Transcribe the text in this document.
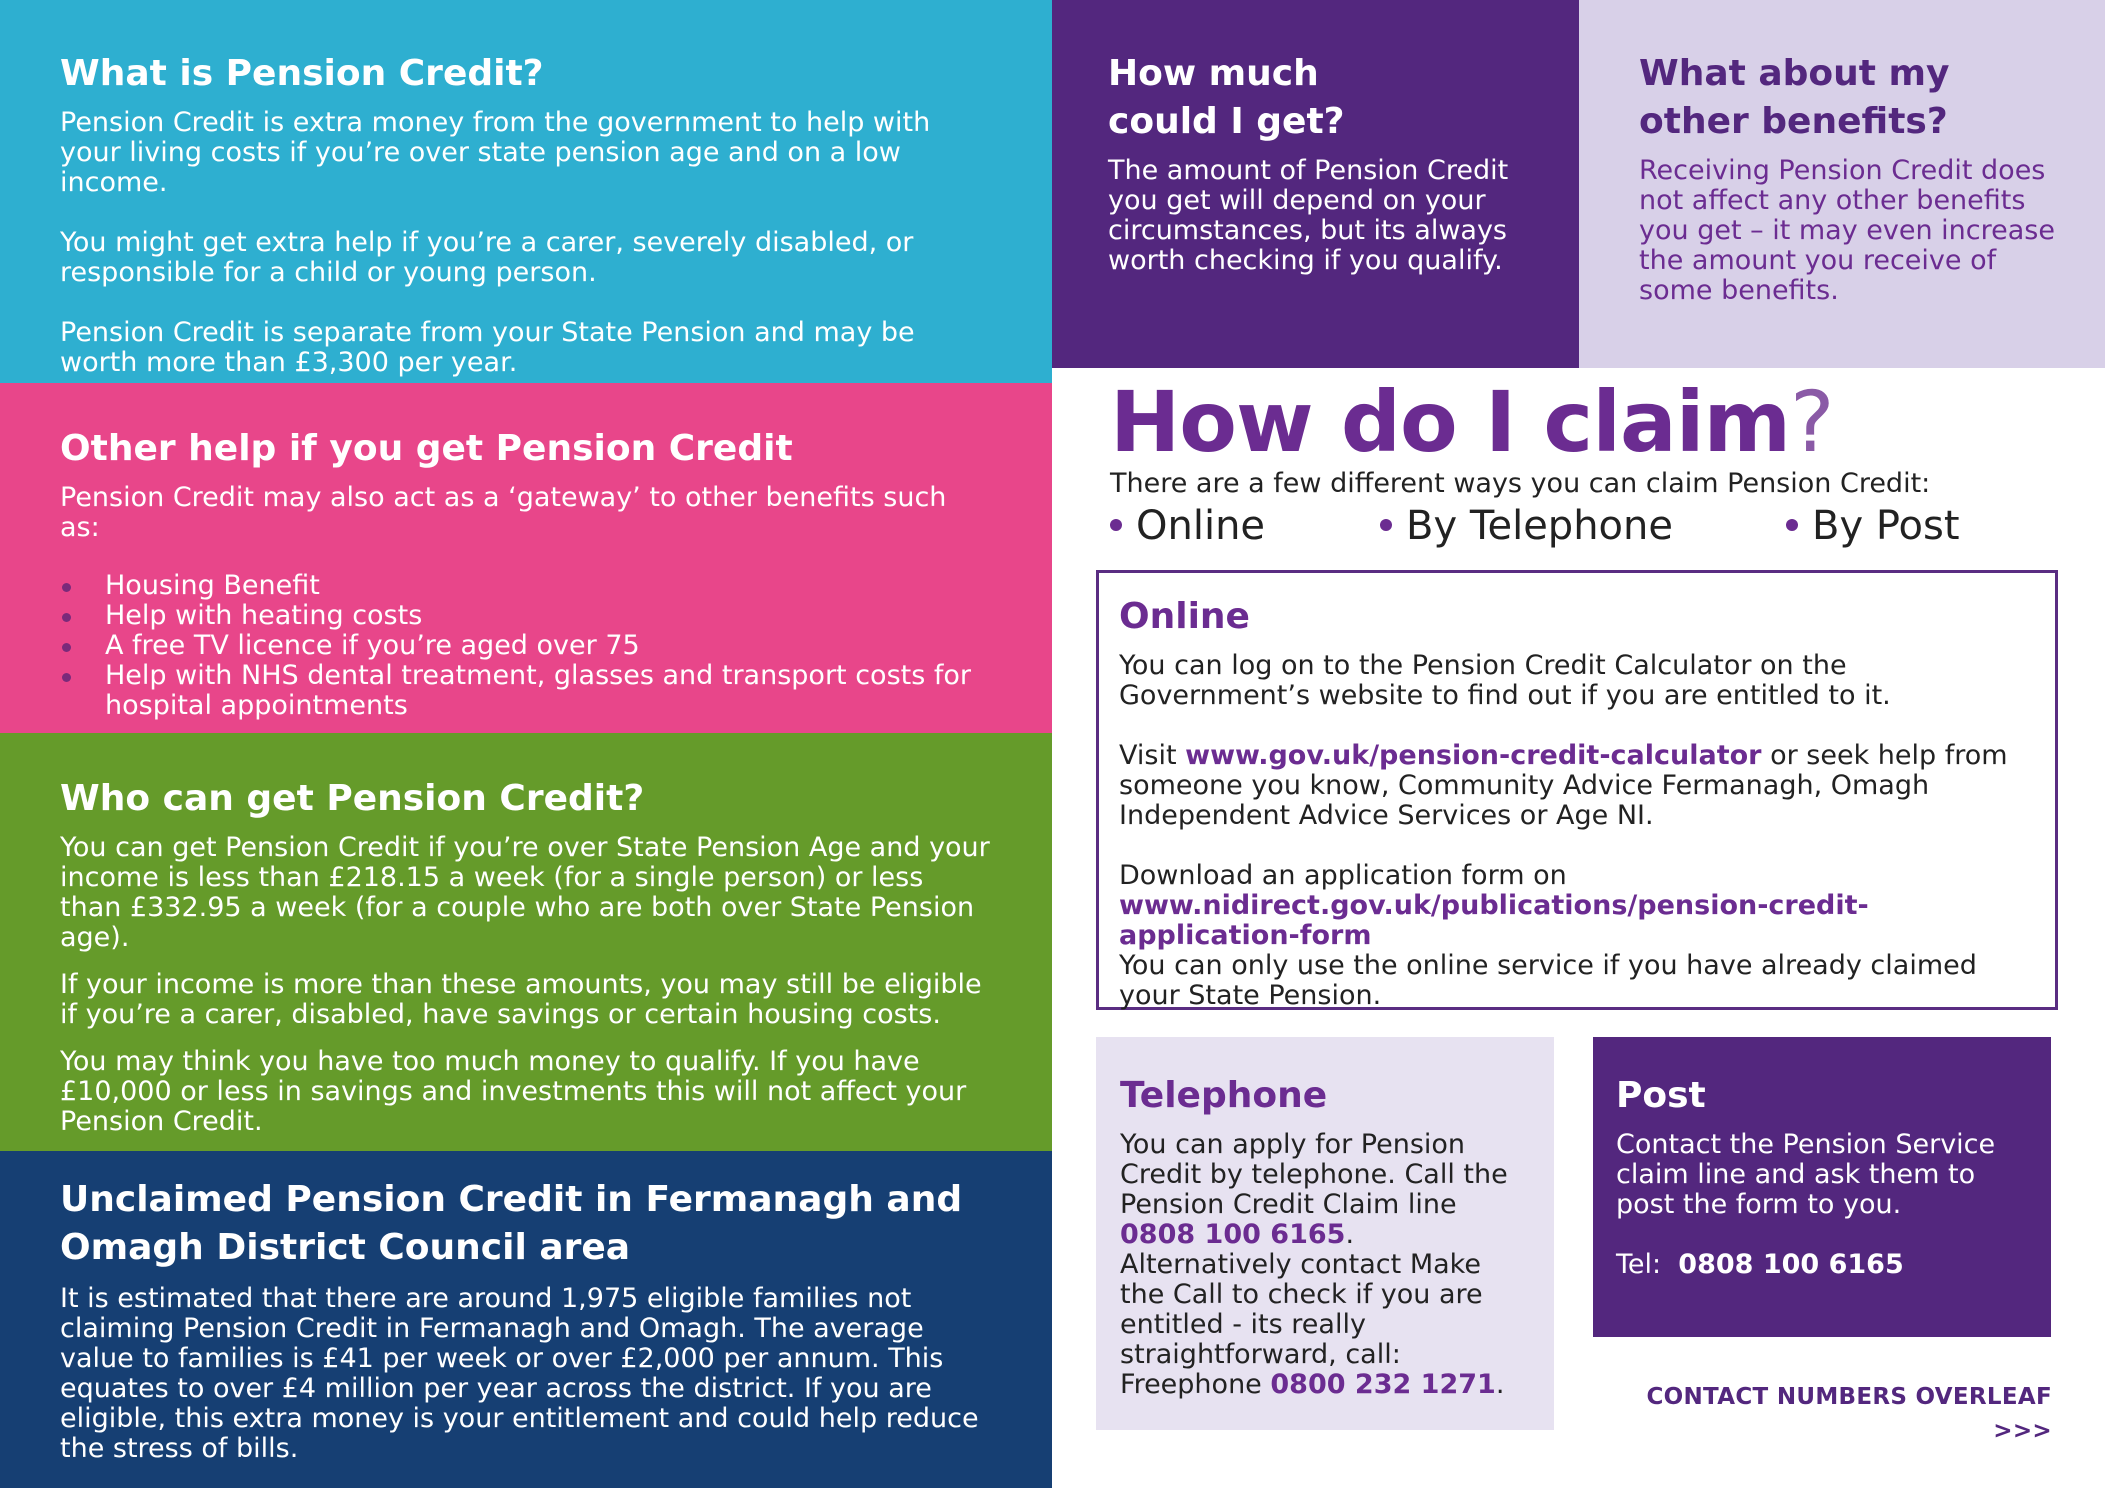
What is Pension Credit?

Pension Credit is extra money from the government to help with your living costs if you’re over state pension age and on a low income.

You might get extra help if you’re a carer, severely disabled, or responsible for a child or young person.

Pension Credit is separate from your State Pension and may be worth more than £3,300 per year.

Other help if you get Pension Credit

Pension Credit may also act as a ‘gateway’ to other benefits such as:

Housing Benefit
Help with heating costs
A free TV licence if you’re aged over 75
Help with NHS dental treatment, glasses and transport costs for hospital appointments
Who can get Pension Credit?

You can get Pension Credit if you’re over State Pension Age and your income is less than £218.15 a week (for a single person) or less than £332.95 a week (for a couple who are both over State Pension age).

If your income is more than these amounts, you may still be eligible if you’re a carer, disabled, have savings or certain housing costs.

You may think you have too much money to qualify. If you have £10,000 or less in savings and investments this will not affect your Pension Credit.

Unclaimed Pension Credit in Fermanagh and Omagh District Council area

It is estimated that there are around 1,975 eligible families not claiming Pension Credit in Fermanagh and Omagh. The average value to families is £41 per week or over £2,000 per annum. This equates to over £4 million per year across the district. If you are eligible, this extra money is your entitlement and could help reduce the stress of bills.

How much
could I get?

The amount of Pension Credit you get will depend on your circumstances, but its always worth checking if you qualify.

What about my
other benefits?

Receiving Pension Credit does not affect any other benefits you get – it may even increase the amount you receive of some benefits.

How do I claim?

There are a few different ways you can claim Pension Credit:

Online	By Telephone	By Post
Online

You can log on to the Pension Credit Calculator on the Government’s website to find out if you are entitled to it.

Visit www.gov.uk/pension-credit-calculator or seek help from someone you know, Community Advice Fermanagh, Omagh Independent Advice Services or Age NI.

Download an application form on
www.nidirect.gov.uk/publications/pension-credit-application-form
You can only use the online service if you have already claimed your State Pension.

Telephone

You can apply for Pension Credit by telephone. Call the Pension Credit Claim line 0808 100 6165. Alternatively contact Make the Call to check if you are entitled - its really straightforward, call: Freephone 0800 232 1271.

Post

Contact the Pension Service claim line and ask them to post the form to you.

Tel: 0808 100 6165

CONTACT NUMBERS OVERLEAF >>>
